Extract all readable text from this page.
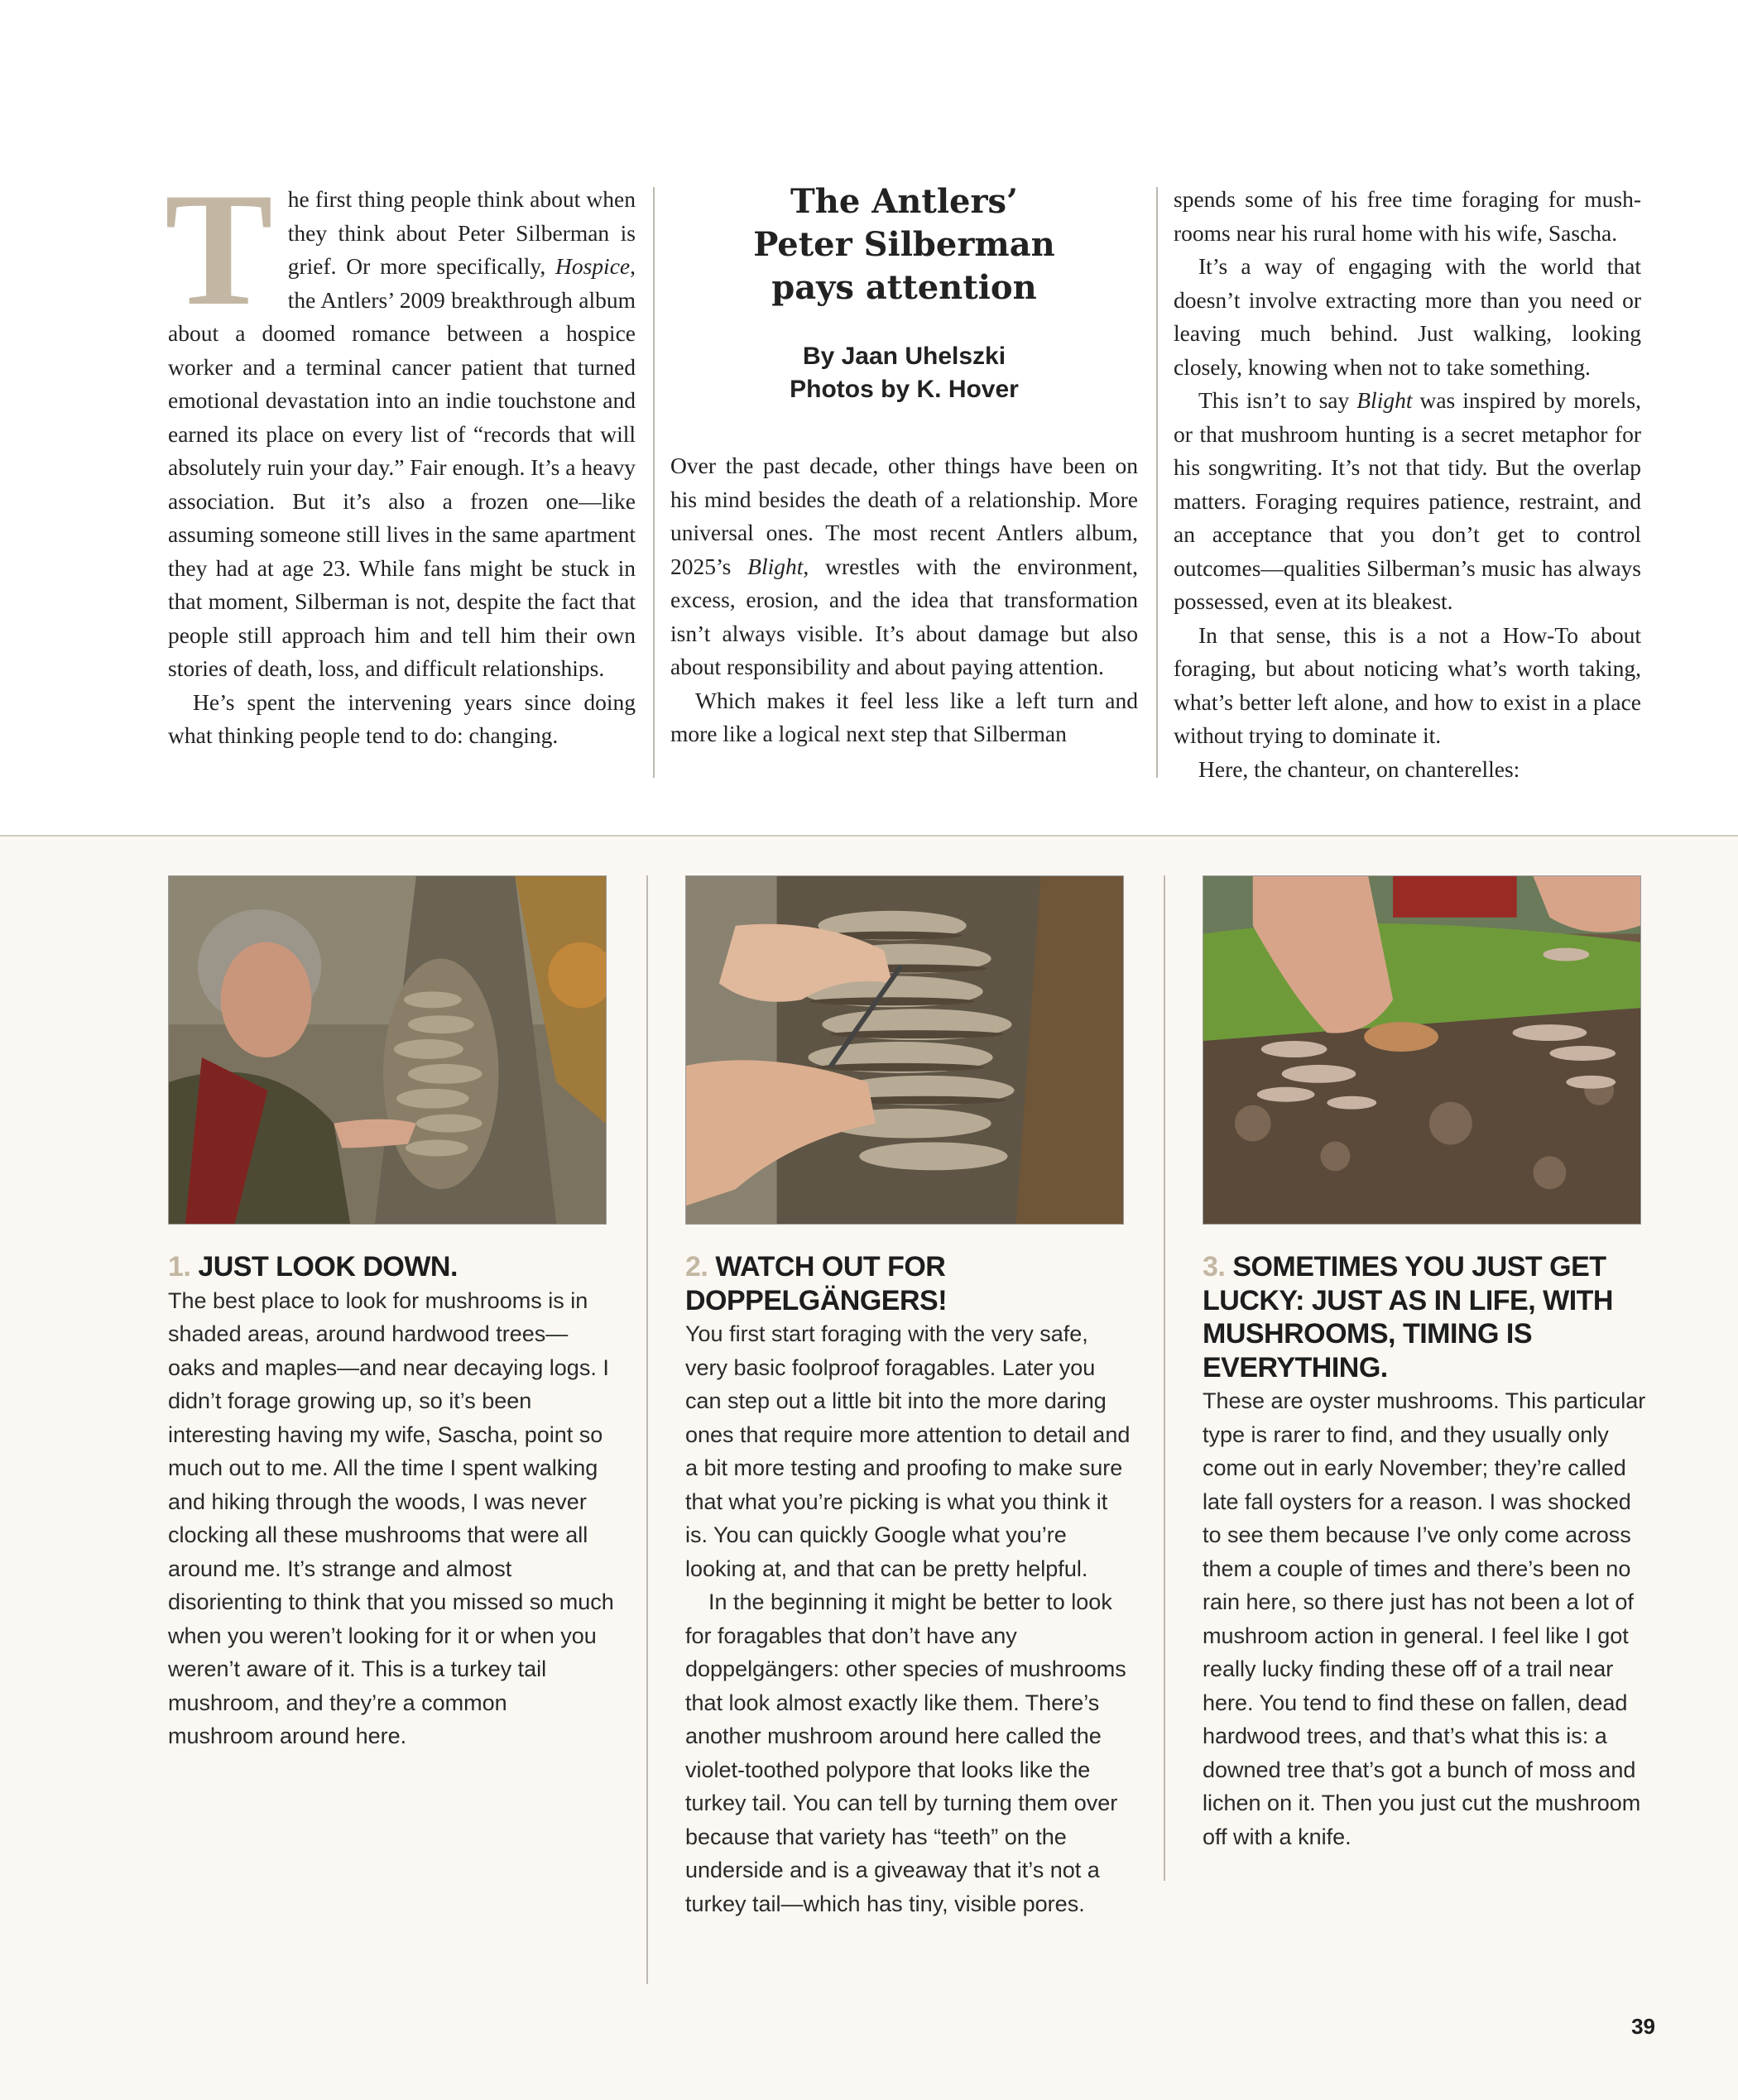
T he first thing people think about when they think about Peter Silberman is grief. Or more specifically, Hospice, the Antlers’ 2009 breakthrough album about a doomed romance between a hospice worker and a terminal cancer patient that turned emotional devastation into an indie touchstone and earned its place on every list of “records that will absolutely ruin your day.” Fair enough. It’s a heavy association. But it’s also a frozen one—like assuming someone still lives in the same apartment they had at age 23. While fans might be stuck in that moment, Silberman is not, despite the fact that people still approach him and tell him their own stories of death, loss, and difficult relationships.

He’s spent the intervening years since doing what thinking people tend to do: changing.

The Antlers’
Peter Silberman
pays attention
By Jaan Uhelszki
Photos by K. Hover

Over the past decade, other things have been on his mind besides the death of a relationship. More universal ones. The most recent Antlers album, 2025’s Blight, wrestles with the environment, excess, erosion, and the idea that transformation isn’t always visible. It’s about damage but also about responsibility and about paying attention.

Which makes it feel less like a left turn and more like a logical next step that Silberman

spends some of his free time foraging for mushrooms near his rural home with his wife, Sascha.

It’s a way of engaging with the world that doesn’t involve extracting more than you need or leaving much behind. Just walking, looking closely, knowing when not to take something.

This isn’t to say Blight was inspired by morels, or that mushroom hunting is a secret metaphor for his songwriting. It’s not that tidy. But the overlap matters. Foraging requires patience, restraint, and an acceptance that you don’t get to control outcomes—qualities Silberman’s music has always possessed, even at its bleakest.

In that sense, this is a not a How-To about foraging, but about noticing what’s worth taking, what’s better left alone, and how to exist in a place without trying to dominate it.

Here, the chanteur, on chanterelles:

1. JUST LOOK DOWN.

The best place to look for mushrooms is in shaded areas, around hardwood trees—oaks and maples—and near decaying logs. I didn’t forage growing up, so it’s been interesting having my wife, Sascha, point so much out to me. All the time I spent walking and hiking through the woods, I was never clocking all these mushrooms that were all around me. It’s strange and almost disorienting to think that you missed so much when you weren’t looking for it or when you weren’t aware of it. This is a turkey tail mushroom, and they’re a common mushroom around here.

2. WATCH OUT FOR DOPPELGÄNGERS!

You first start foraging with the very safe, very basic foolproof foragables. Later you can step out a little bit into the more daring ones that require more attention to detail and a bit more testing and proofing to make sure that what you’re picking is what you think it is. You can quickly Google what you’re looking at, and that can be pretty helpful.

In the beginning it might be better to look for foragables that don’t have any doppelgängers: other species of mushrooms that look almost exactly like them. There’s another mushroom around here called the violet-toothed polypore that looks like the turkey tail. You can tell by turning them over because that variety has “teeth” on the underside and is a giveaway that it’s not a turkey tail—which has tiny, visible pores.

3. SOMETIMES YOU JUST GET LUCKY: JUST AS IN LIFE, WITH MUSHROOMS, TIMING IS EVERYTHING.

These are oyster mushrooms. This particular type is rarer to find, and they usually only come out in early November; they’re called late fall oysters for a reason. I was shocked to see them because I’ve only come across them a couple of times and there’s been no rain here, so there just has not been a lot of mushroom action in general. I feel like I got really lucky finding these off of a trail near here. You tend to find these on fallen, dead hardwood trees, and that’s what this is: a downed tree that’s got a bunch of moss and lichen on it. Then you just cut the mushroom off with a knife.

39
